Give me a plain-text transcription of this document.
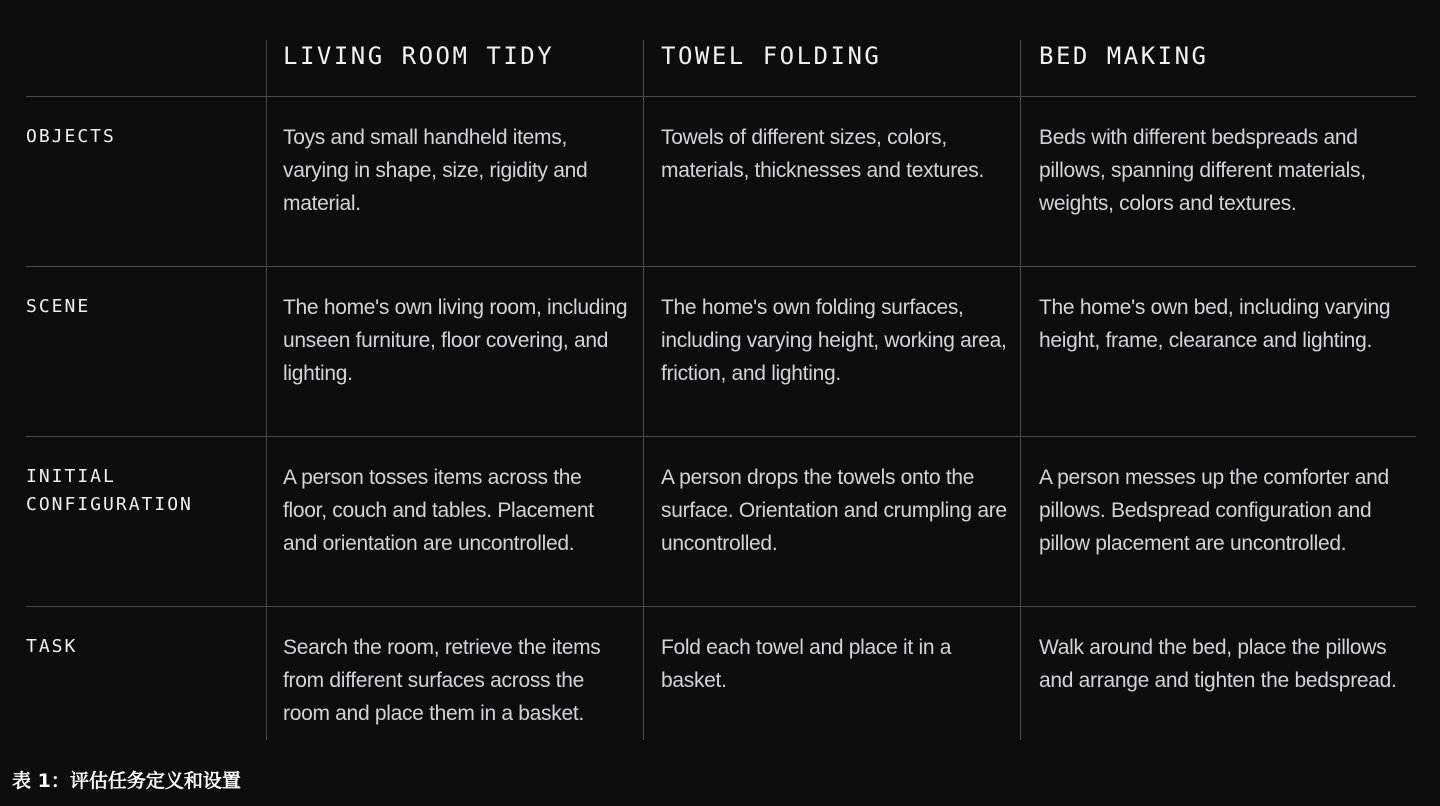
LIVING ROOM TIDY	TOWEL FOLDING	BED MAKING
OBJECTS
SCENE
INITIAL CONFIGURATION
TASK
Toys and small handheld items, varying in shape, size, rigidity and material.
Towels of different sizes, colors, materials, thicknesses and textures.
Beds with different bedspreads and pillows, spanning different materials, weights, colors and textures.
The home's own living room, including unseen furniture, floor covering, and lighting.
The home's own folding surfaces, including varying height, working area, friction, and lighting.
The home's own bed, including varying height, frame, clearance and lighting.
A person tosses items across the floor, couch and tables. Placement and orientation are uncontrolled.
A person drops the towels onto the surface. Orientation and crumpling are uncontrolled.
A person messes up the comforter and pillows. Bedspread configuration and pillow placement are uncontrolled.
Search the room, retrieve the items from different surfaces across the room and place them in a basket.
Fold each towel and place it in a basket.
Walk around the bed, place the pillows and arrange and tighten the bedspread.
表 1：评估任务定义和设置
